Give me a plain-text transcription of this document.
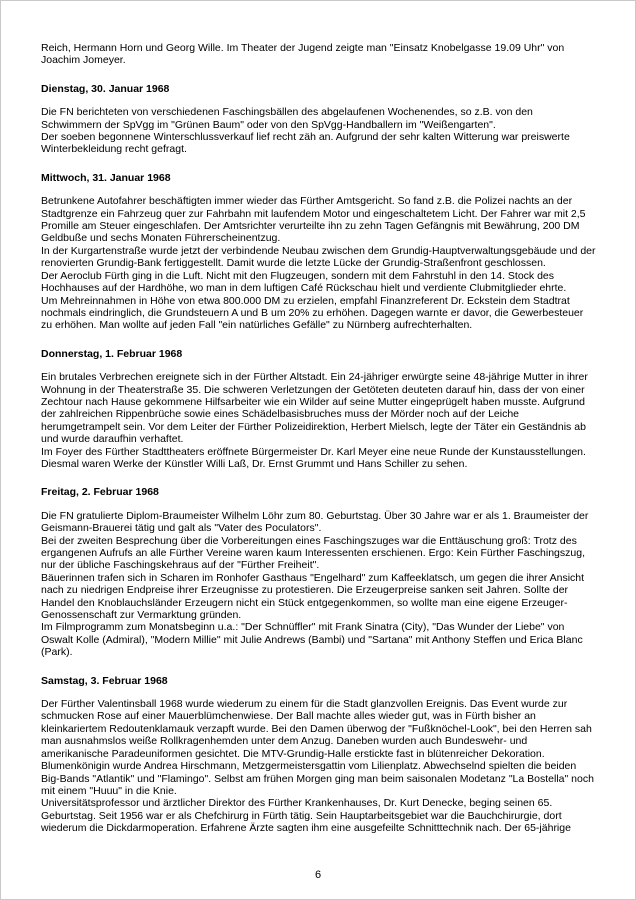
Reich, Hermann Horn und Georg Wille. Im Theater der Jugend zeigte man "Einsatz Knobelgasse 19.09 Uhr" von Joachim Jomeyer.

Dienstag, 30. Januar 1968

Die FN berichteten von verschiedenen Faschingsbällen des abgelaufenen Wochenendes, so z.B. von den Schwimmern der SpVgg im "Grünen Baum" oder von den SpVgg-Handballern im "Weißengarten".

Der soeben begonnene Winterschlussverkauf lief recht zäh an. Aufgrund der sehr kalten Witterung war preiswerte Winterbekleidung recht gefragt.

Mittwoch, 31. Januar 1968

Betrunkene Autofahrer beschäftigten immer wieder das Fürther Amtsgericht. So fand z.B. die Polizei nachts an der Stadtgrenze ein Fahrzeug quer zur Fahrbahn mit laufendem Motor und eingeschaltetem Licht. Der Fahrer war mit 2,5 Promille am Steuer eingeschlafen. Der Amtsrichter verurteilte ihn zu zehn Tagen Gefängnis mit Bewährung, 200 DM Geldbuße und sechs Monaten Führerscheinentzug.

In der Kurgartenstraße wurde jetzt der verbindende Neubau zwischen dem Grundig-Hauptverwaltungsgebäude und der renovierten Grundig-Bank fertiggestellt. Damit wurde die letzte Lücke der Grundig-Straßenfront geschlossen.

Der Aeroclub Fürth ging in die Luft. Nicht mit den Flugzeugen, sondern mit dem Fahrstuhl in den 14. Stock des Hochhauses auf der Hardhöhe, wo man in dem luftigen Café Rückschau hielt und verdiente Clubmitglieder ehrte.

Um Mehreinnahmen in Höhe von etwa 800.000 DM zu erzielen, empfahl Finanzreferent Dr. Eckstein dem Stadtrat nochmals eindringlich, die Grundsteuern A und B um 20% zu erhöhen. Dagegen warnte er davor, die Gewerbesteuer zu erhöhen. Man wollte auf jeden Fall "ein natürliches Gefälle" zu Nürnberg aufrechterhalten.

Donnerstag, 1. Februar 1968

Ein brutales Verbrechen ereignete sich in der Fürther Altstadt. Ein 24-jähriger erwürgte seine 48-jährige Mutter in ihrer Wohnung in der Theaterstraße 35. Die schweren Verletzungen der Getöteten deuteten darauf hin, dass der von einer Zechtour nach Hause gekommene Hilfsarbeiter wie ein Wilder auf seine Mutter eingeprügelt haben musste. Aufgrund der zahlreichen Rippenbrüche sowie eines Schädelbasisbruches muss der Mörder noch auf der Leiche herumgetrampelt sein. Vor dem Leiter der Fürther Polizeidirektion, Herbert Mielsch, legte der Täter ein Geständnis ab und wurde daraufhin verhaftet.

Im Foyer des Fürther Stadttheaters eröffnete Bürgermeister Dr. Karl Meyer eine neue Runde der Kunstausstellungen. Diesmal waren Werke der Künstler Willi Laß, Dr. Ernst Grummt und Hans Schiller zu sehen.

Freitag, 2. Februar 1968

Die FN gratulierte Diplom-Braumeister Wilhelm Löhr zum 80. Geburtstag. Über 30 Jahre war er als 1. Braumeister der Geismann-Brauerei tätig und galt als "Vater des Poculators".

Bei der zweiten Besprechung über die Vorbereitungen eines Faschingszuges war die Enttäuschung groß: Trotz des ergangenen Aufrufs an alle Fürther Vereine waren kaum Interessenten erschienen. Ergo: Kein Fürther Faschingszug, nur der übliche Faschingskehraus auf der "Fürther Freiheit".

Bäuerinnen trafen sich in Scharen im Ronhofer Gasthaus "Engelhard" zum Kaffeeklatsch, um gegen die ihrer Ansicht nach zu niedrigen Endpreise ihrer Erzeugnisse zu protestieren. Die Erzeugerpreise sanken seit Jahren. Sollte der Handel den Knoblauchsländer Erzeugern nicht ein Stück entgegenkommen, so wollte man eine eigene Erzeuger-Genossenschaft zur Vermarktung gründen.

Im Filmprogramm zum Monatsbeginn u.a.: "Der Schnüffler" mit Frank Sinatra (City), "Das Wunder der Liebe" von Oswalt Kolle (Admiral), "Modern Millie" mit Julie Andrews (Bambi) und "Sartana" mit Anthony Steffen und Erica Blanc (Park).

Samstag, 3. Februar 1968

Der Fürther Valentinsball 1968 wurde wiederum zu einem für die Stadt glanzvollen Ereignis. Das Event wurde zur schmucken Rose auf einer Mauerblümchenwiese. Der Ball machte alles wieder gut, was in Fürth bisher an kleinkariertem Redoutenklamauk verzapft wurde. Bei den Damen überwog der "Fußknöchel-Look", bei den Herren sah man ausnahmslos weiße Rollkragenhemden unter dem Anzug. Daneben wurden auch Bundeswehr- und amerikanische Paradeuniformen gesichtet. Die MTV-Grundig-Halle erstickte fast in blütenreicher Dekoration. Blumenkönigin wurde Andrea Hirschmann, Metzgermeistersgattin vom Lilienplatz. Abwechselnd spielten die beiden Big-Bands "Atlantik" und "Flamingo". Selbst am frühen Morgen ging man beim saisonalen Modetanz "La Bostella" noch mit einem "Huuu" in die Knie.

Universitätsprofessor und ärztlicher Direktor des Fürther Krankenhauses, Dr. Kurt Denecke, beging seinen 65. Geburtstag. Seit 1956 war er als Chefchirurg in Fürth tätig. Sein Hauptarbeitsgebiet war die Bauchchirurgie, dort wiederum die Dickdarmoperation. Erfahrene Ärzte sagten ihm eine ausgefeilte Schnitttechnik nach. Der 65-jährige

6
